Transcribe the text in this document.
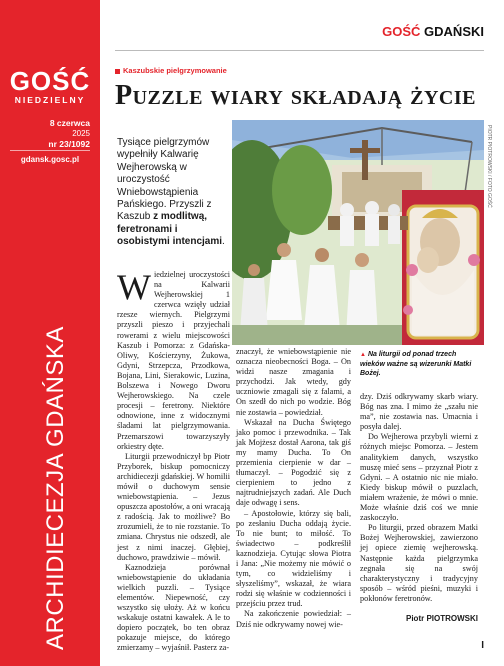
GOŚĆ
NIEDZIELNY
8 czerwca
2025
nr 23/1092
gdansk.gosc.pl
ARCHIDIECEZJA GDAŃSKA
GOŚĆ GDAŃSKI
Kaszubskie pielgrzymowanie
Puzzle wiary składają życie
Tysiące pielgrzymów wypełniły Kalwarię Wejherowską w uroczystość Wniebowstąpienia Pańskiego. Przyszli z Kaszub z modlitwą, feretronami i osobistymi intencjami.
PIOTR PIOTROWSKI / FOTO GOŚĆ
▲ Na liturgii od ponad trzech wieków ważne są wizerunki Matki Bożej.

Wiedzielnej uroczystości na Kalwarii Wejherowskiej 1 czerwca wzięły udział rzesze wiernych. Pielgrzymi przyszli pieszo i przyjechali rowerami z wielu miejscowości Kaszub i Pomorza: z Gdańska-Oliwy, Kościerzyny, Żukowa, Gdyni, Strzepcza, Przodkowa, Bojana, Lini, Sierakowic, Luzina, Bolszewa i Nowego Dworu Wejherowskiego. Na czele procesji – feretrony. Niektóre odnowione, inne z widocznymi śladami lat pielgrzymowania. Przemarszowi towarzyszyły orkiestry dęte.

Liturgii przewodniczył bp Piotr Przyborek, biskup pomocniczy archidiecezji gdańskiej. W homilii mówił o duchowym sensie wniebowstąpienia. – Jezus opuszcza apostołów, a oni wracają z radością. Jak to możliwe? Bo zrozumieli, że to nie rozstanie. To zmiana. Chrystus nie odszedł, ale jest z nimi inaczej. Głębiej, duchowo, prawdziwie – mówił.

Kaznodzieja porównał wniebowstąpienie do układania wielkich puzzli. – Tysiące elementów. Niepewność, czy wszystko się ułoży. Aż w końcu wskakuje ostatni kawałek. A le to dopiero początek, bo ten obraz pokazuje miejsce, do którego zmierzamy – wyjaśnił. Pasterz za-

znaczył, że wniebowstąpienie nie oznacza nieobecności Boga. – On widzi nasze zmagania i przychodzi. Jak wtedy, gdy uczniowie zmagali się z falami, a On szedł do nich po wodzie. Bóg nie zostawia – powiedział.

Wskazał na Ducha Świętego jako pomoc i przewodnika. – Tak jak Mojżesz dostał Aarona, tak giś my mamy Ducha. To On przemienia cierpienie w dar – tłumaczył. – Pogodzić się z cierpieniem to jedno z najtrudniejszych zadań. Ale Duch daje odwagę i sens.

– Apostołowie, którzy się bali, po zesłaniu Ducha oddają życie. To nie bunt; to miłość. To świadectwo – podkreślił kaznodzieja. Cytując słowa Piotra i Jana: „Nie możemy nie mówić o tym, co widzieliśmy i słyszeliśmy”, wskazał, że wiara rodzi się właśnie w codzienności i przejściu przez trud.

Na zakończenie powiedział: – Dziś nie odkrywamy nowej wie-

dzy. Dziś odkrywamy skarb wiary. Bóg nas zna. I mimo że „szału nie ma”, nie zostawia nas. Umacnia i posyła dalej.

Do Wejherowa przybyli wierni z różnych miejsc Pomorza. – Jestem analitykiem danych, wszystko muszę mieć sens – przyznał Piotr z Gdyni. – A ostatnio nic nie miało. Kiedy biskup mówił o puzzlach, miałem wrażenie, że mówi o mnie. Może właśnie dziś coś we mnie zaskoczyło.

Po liturgii, przed obrazem Matki Bożej Wejherowskiej, zawierzono jej opiece ziemię wejherowską. Następnie każda pielgrzymka zegnała się na swój charakterystyczny i tradycyjny sposób – wśród pieśni, muzyki i pokłonów feretronów.

Piotr PIOTROWSKI
I
